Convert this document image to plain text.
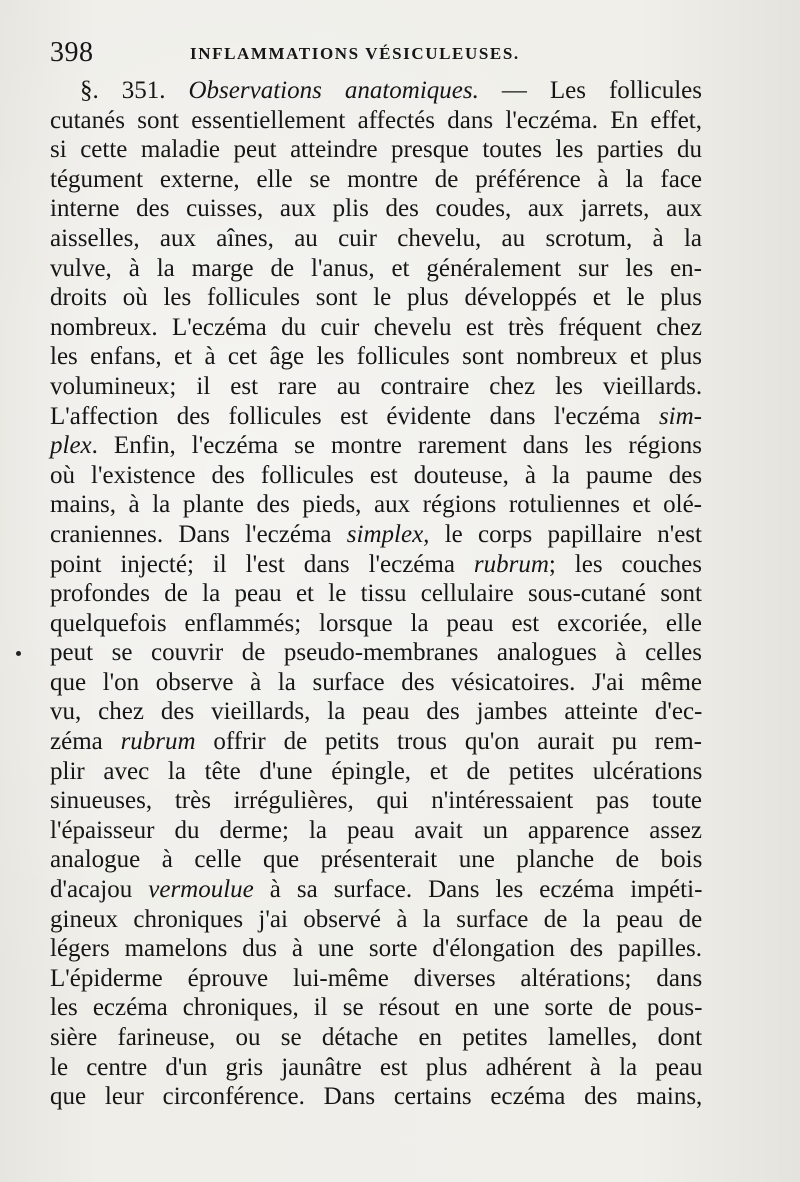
398	INFLAMMATIONS VÉSICULEUSES.
§. 351. Observations anatomiques. — Les follicules
cutanés sont essentiellement affectés dans l'eczéma. En effet,
si cette maladie peut atteindre presque toutes les parties du
tégument externe, elle se montre de préférence à la face
interne des cuisses, aux plis des coudes, aux jarrets, aux
aisselles, aux aînes, au cuir chevelu, au scrotum, à la
vulve, à la marge de l'anus, et généralement sur les en-
droits où les follicules sont le plus développés et le plus
nombreux. L'eczéma du cuir chevelu est très fréquent chez
les enfans, et à cet âge les follicules sont nombreux et plus
volumineux; il est rare au contraire chez les vieillards.
L'affection des follicules est évidente dans l'eczéma sim-
plex. Enfin, l'eczéma se montre rarement dans les régions
où l'existence des follicules est douteuse, à la paume des
mains, à la plante des pieds, aux régions rotuliennes et olé-
craniennes. Dans l'eczéma simplex, le corps papillaire n'est
point injecté; il l'est dans l'eczéma rubrum; les couches
profondes de la peau et le tissu cellulaire sous-cutané sont
quelquefois enflammés; lorsque la peau est excoriée, elle
peut se couvrir de pseudo-membranes analogues à celles
que l'on observe à la surface des vésicatoires. J'ai même
vu, chez des vieillards, la peau des jambes atteinte d'ec-
zéma rubrum offrir de petits trous qu'on aurait pu rem-
plir avec la tête d'une épingle, et de petites ulcérations
sinueuses, très irrégulières, qui n'intéressaient pas toute
l'épaisseur du derme; la peau avait un apparence assez
analogue à celle que présenterait une planche de bois
d'acajou vermoulue à sa surface. Dans les eczéma impéti-
gineux chroniques j'ai observé à la surface de la peau de
légers mamelons dus à une sorte d'élongation des papilles.
L'épiderme éprouve lui-même diverses altérations; dans
les eczéma chroniques, il se résout en une sorte de pous-
sière farineuse, ou se détache en petites lamelles, dont
le centre d'un gris jaunâtre est plus adhérent à la peau
que leur circonférence. Dans certains eczéma des mains,
